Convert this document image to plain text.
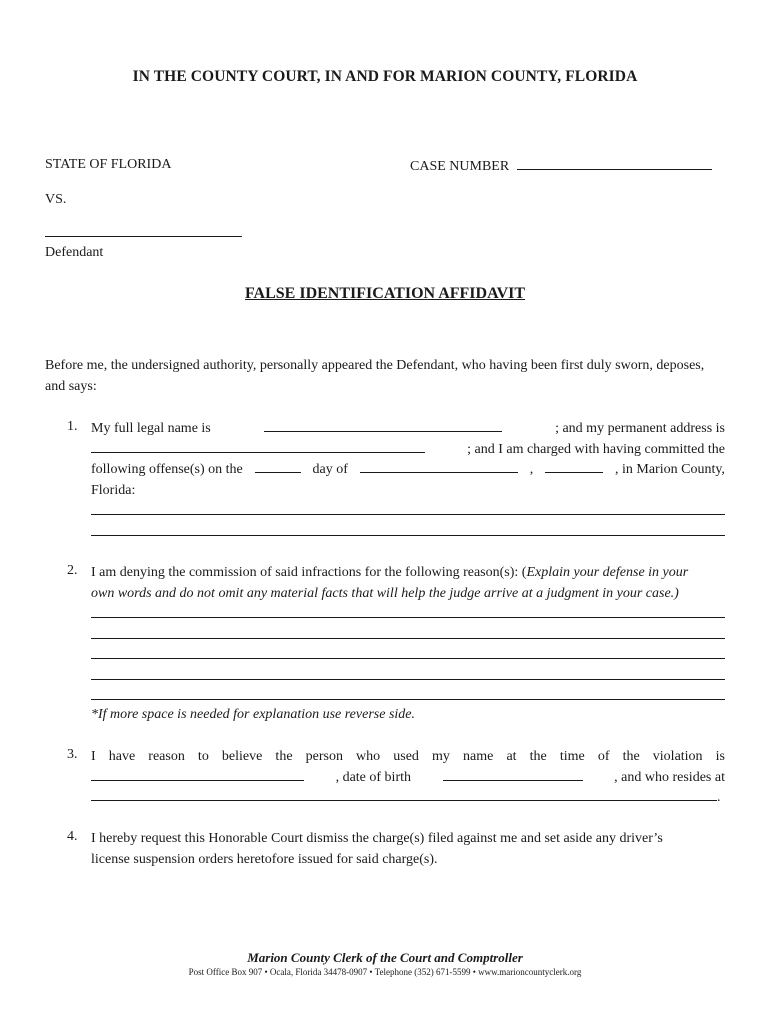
IN THE COUNTY COURT, IN AND FOR MARION COUNTY, FLORIDA
STATE OF FLORIDA	CASE NUMBER
VS.
Defendant
FALSE IDENTIFICATION AFFIDAVIT
Before me, the undersigned authority, personally appeared the Defendant, who having been first duly sworn, deposes, and says:
1. My full legal name is	; and my permanent address is
; and I am charged with having committed the
following offense(s) on the	day of	,	, in Marion County,
Florida:
2. I am denying the commission of said infractions for the following reason(s): (Explain your defense in your
own words and do not omit any material facts that will help the judge arrive at a judgment in your case.)
*If more space is needed for explanation use reverse side.
3. I have reason to believe the person who used my name at the time of the violation is
, date of birth	, and who resides at
.
4. I hereby request this Honorable Court dismiss the charge(s) filed against me and set aside any driver’s
license suspension orders heretofore issued for said charge(s).
Marion County Clerk of the Court and Comptroller
Post Office Box 907 • Ocala, Florida 34478-0907 • Telephone (352) 671-5599 • www.marioncountyclerk.org
